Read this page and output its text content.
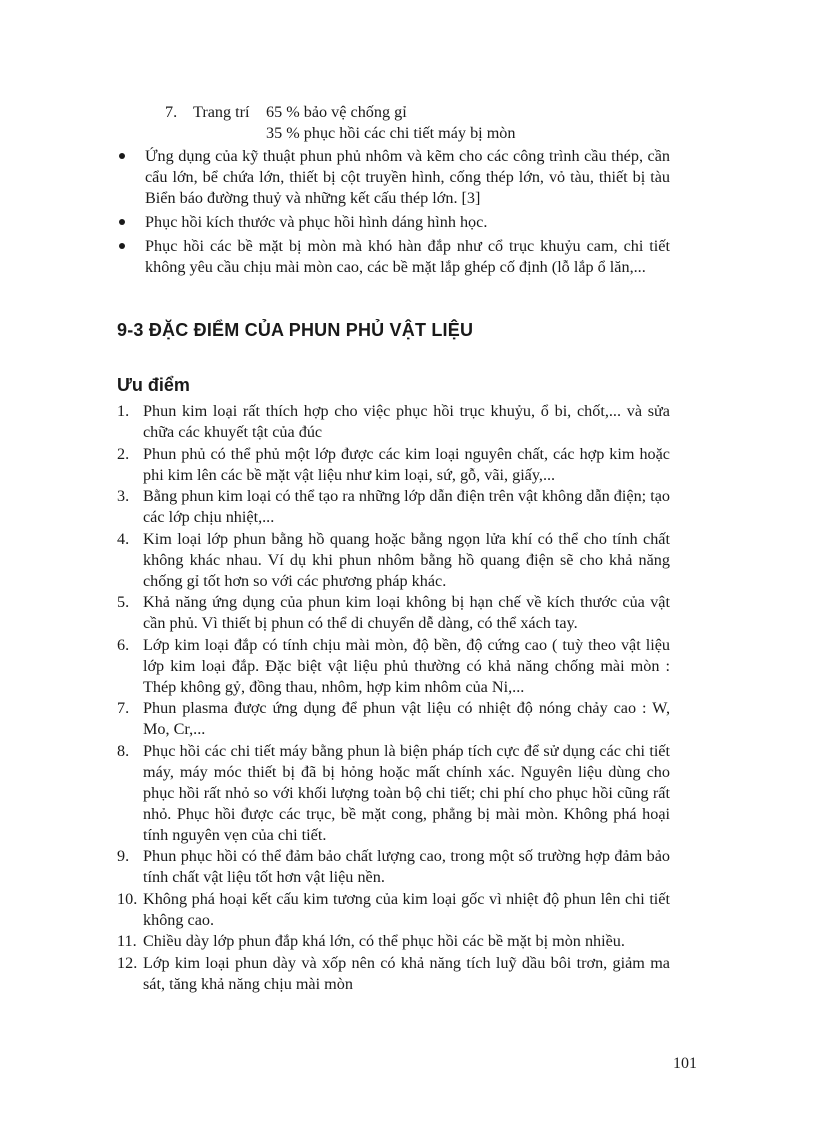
7. Trang trí	65 % bảo vệ chống gỉ
35 % phục hồi các chi tiết máy bị mòn
Ứng dụng của kỹ thuật phun phủ nhôm và kẽm cho các công trình cầu thép, cần cẩu lớn, bể chứa lớn, thiết bị cột truyền hình, cống thép lớn, vỏ tàu, thiết bị tàu Biển báo đường thuỷ và những kết cấu thép lớn. [3]
Phục hồi kích thước và phục hồi hình dáng hình học.
Phục hồi các bề mặt bị mòn mà khó hàn đắp như cổ trục khuỷu cam, chi tiết không yêu cầu chịu mài mòn cao, các bề mặt lắp ghép cố định (lỗ lắp ổ lăn,...
9-3 ĐẶC ĐIỂM CỦA PHUN PHỦ VẬT LIỆU
Ưu điểm
1. Phun kim loại rất thích hợp cho việc phục hồi trục khuỷu, ổ bi, chốt,... và sửa chữa các khuyết tật của đúc
2. Phun phủ có thể phủ một lớp được các kim loại nguyên chất, các hợp kim hoặc phi kim lên các bề mặt vật liệu như kim loại, sứ, gỗ, vãi, giấy,...
3. Bằng phun kim loại có thể tạo ra những lớp dẫn điện trên vật không dẫn điện; tạo các lớp chịu nhiệt,...
4. Kim loại lớp phun bằng hồ quang hoặc bằng ngọn lửa khí có thể cho tính chất không khác nhau. Ví dụ khi phun nhôm bằng hồ quang điện sẽ cho khả năng chống gỉ tốt hơn so với các phương pháp khác.
5. Khả năng ứng dụng của phun kim loại không bị hạn chế về kích thước của vật cần phủ. Vì thiết bị phun có thể di chuyển dễ dàng, có thể xách tay.
6. Lớp kim loại đắp có tính chịu mài mòn, độ bền, độ cứng cao ( tuỳ theo vật liệu lớp kim loại đắp. Đặc biệt vật liệu phủ thường có khả năng chống mài mòn : Thép không gỷ, đồng thau, nhôm, hợp kim nhôm của Ni,...
7. Phun plasma được ứng dụng để phun vật liệu có nhiệt độ nóng chảy cao : W, Mo, Cr,...
8. Phục hồi các chi tiết máy bằng phun là biện pháp tích cực để sử dụng các chi tiết máy, máy móc thiết bị đã bị hỏng hoặc mất chính xác. Nguyên liệu dùng cho phục hồi rất nhỏ so với khối lượng toàn bộ chi tiết; chi phí cho phục hồi cũng rất nhỏ. Phục hồi được các trục, bề mặt cong, phẳng bị mài mòn. Không phá hoại tính nguyên vẹn của chi tiết.
9. Phun phục hồi có thể đảm bảo chất lượng cao, trong một số trường hợp đảm bảo tính chất vật liệu tốt hơn vật liệu nền.
10. Không phá hoại kết cấu kim tương của kim loại gốc vì nhiệt độ phun lên chi tiết không cao.
11. Chiều dày lớp phun đắp khá lớn, có thể phục hồi các bề mặt bị mòn nhiều.
12. Lớp kim loại phun dày và xốp nên có khả năng tích luỹ dầu bôi trơn, giảm ma sát, tăng khả năng chịu mài mòn
101
